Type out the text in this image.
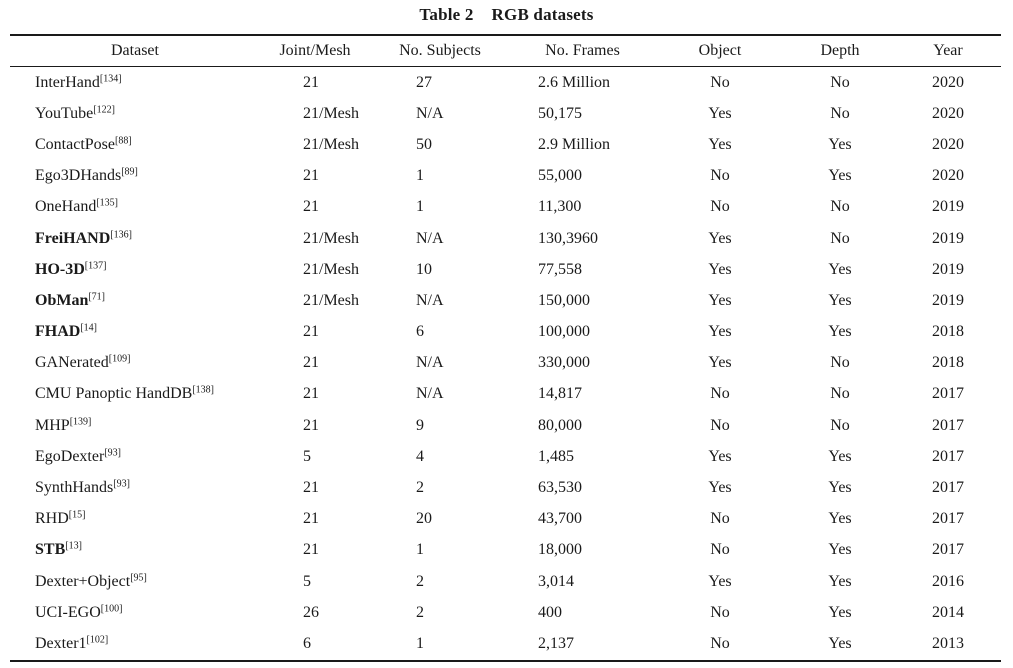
Table 2 RGB datasets
Dataset	Joint/Mesh	No. Subjects	No. Frames	Object	Depth	Year
InterHand[134]	21	27	2.6 Million	No	No	2020
YouTube[122]	21/Mesh	N/A	50,175	Yes	No	2020
ContactPose[88]	21/Mesh	50	2.9 Million	Yes	Yes	2020
Ego3DHands[89]	21	1	55,000	No	Yes	2020
OneHand[135]	21	1	11,300	No	No	2019
FreiHAND[136]	21/Mesh	N/A	130,3960	Yes	No	2019
HO-3D[137]	21/Mesh	10	77,558	Yes	Yes	2019
ObMan[71]	21/Mesh	N/A	150,000	Yes	Yes	2019
FHAD[14]	21	6	100,000	Yes	Yes	2018
GANerated[109]	21	N/A	330,000	Yes	No	2018
CMU Panoptic HandDB[138]	21	N/A	14,817	No	No	2017
MHP[139]	21	9	80,000	No	No	2017
EgoDexter[93]	5	4	1,485	Yes	Yes	2017
SynthHands[93]	21	2	63,530	Yes	Yes	2017
RHD[15]	21	20	43,700	No	Yes	2017
STB[13]	21	1	18,000	No	Yes	2017
Dexter+Object[95]	5	2	3,014	Yes	Yes	2016
UCI-EGO[100]	26	2	400	No	Yes	2014
Dexter1[102]	6	1	2,137	No	Yes	2013
